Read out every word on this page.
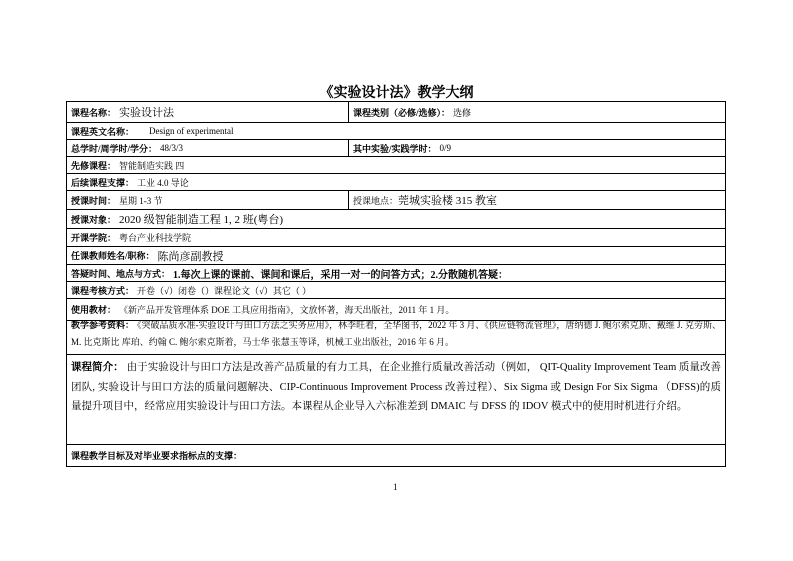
《实验设计法》教学大纲
课程名称： 实验设计法	课程类别（必修/选修）： 选修
课程英文名称： Design of experimental
总学时/周学时/学分： 48/3/3	其中实验/实践学时： 0/9
先修课程： 智能制造实践 四
后续课程支撑： 工业 4.0 导论
授课时间： 星期 1-3 节	授课地点： 莞城实验楼 315 教室
授课对象： 2020 级智能制造工程 1, 2 班(粤台)
开课学院： 粤台产业科技学院
任课教师姓名/职称： 陈尚彦副教授
答疑时间、地点与方式： 1.每次上课的课前、课间和课后，采用一对一的问答方式；2.分散随机答疑：
课程考核方式： 开卷（√）闭卷（）课程论文（√）其它（ ）
使用教材： 《新产品开发管理体系 DOE 工具应用指南》，文放怀著，海天出版社，2011 年 1 月。
教学参考资料： 《突破品质水准-实验设计与田口方法之实务应用》，林李旺着，全华图书，2022 年 3 月、《供应链物流管理》，唐纳德 J. 鲍尔索克斯、戴维 J. 克劳斯、M. 比克斯比 库珀、约翰 C. 鲍尔索克斯着，马士华 张慧玉等译，机械工业出版社，2016 年 6 月。
课程简介： 由于实验设计与田口方法是改善产品质量的有力工具，在企业推行质量改善活动（例如， QIT-Quality Improvement Team 质量改善团队, 实验设计与田口方法的质量问题解决、CIP-Continuous Improvement Process 改善过程）、Six Sigma 或 Design For Six Sigma （DFSS)的质量提升项目中，经常应用实验设计与田口方法。本课程从企业导入六标准差到 DMAIC 与 DFSS 的 IDOV 模式中的使用时机进行介绍。
课程教学目标及对毕业要求指标点的支撑：
1
